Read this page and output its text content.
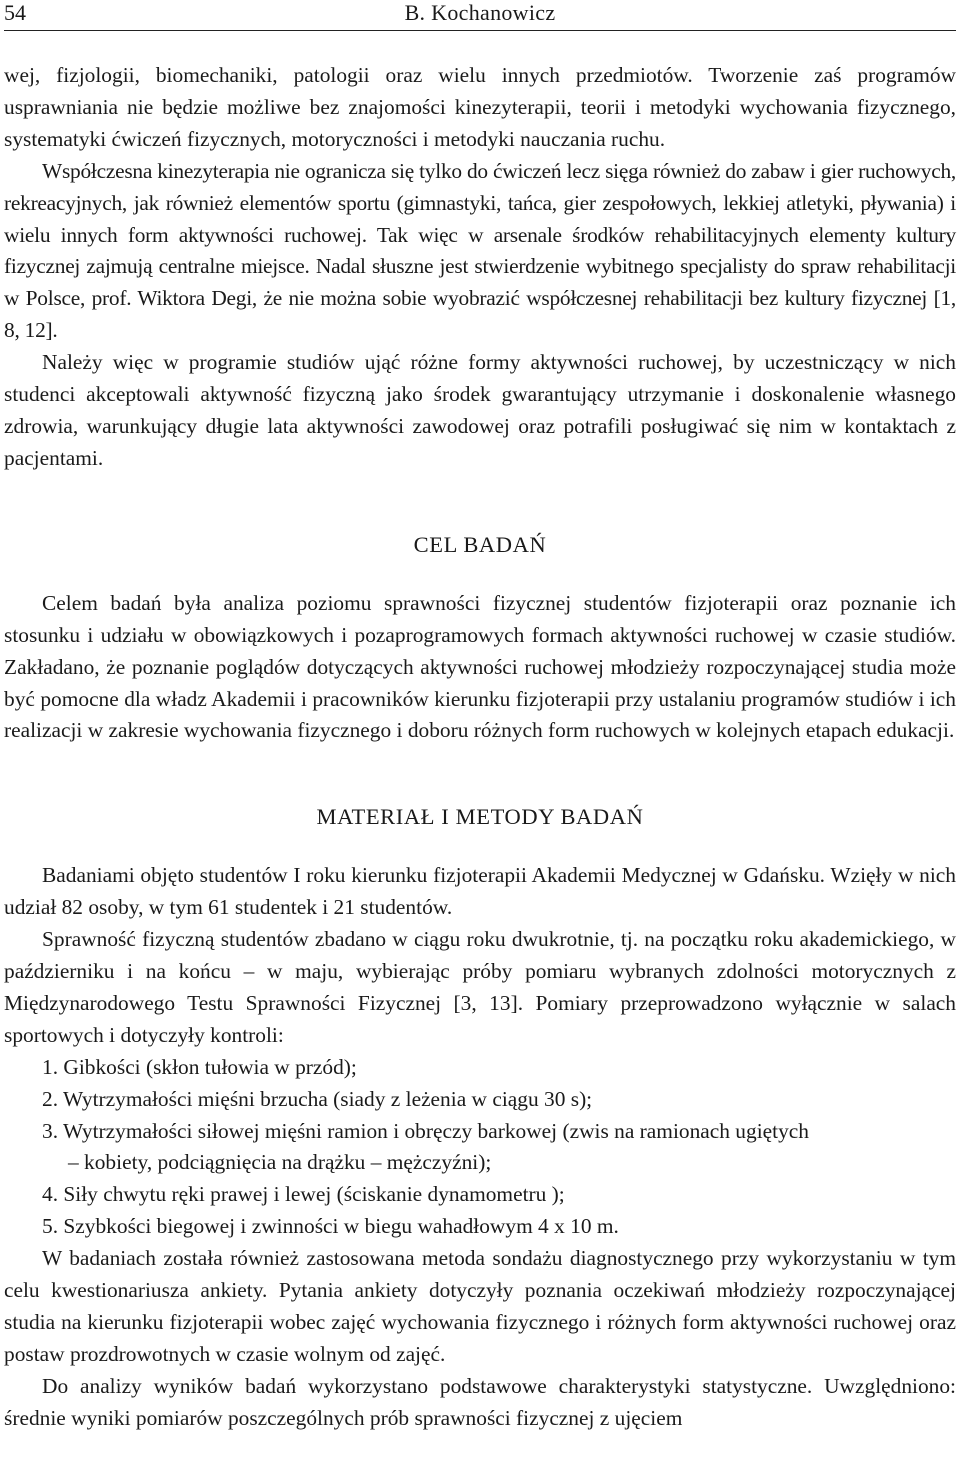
54	B. Kochanowicz

wej, fizjologii, biomechaniki, patologii oraz wielu innych przedmiotów. Tworzenie zaś programów usprawniania nie będzie możliwe bez znajomości kinezyterapii, teorii i metodyki wychowania fizycznego, systematyki ćwiczeń fizycznych, motoryczności i metodyki nauczania ruchu.

Współczesna kinezyterapia nie ogranicza się tylko do ćwiczeń lecz sięga również do zabaw i gier ruchowych, rekreacyjnych, jak również elementów sportu (gimnastyki, tańca, gier zespołowych, lekkiej atletyki, pływania) i wielu innych form aktywności ruchowej. Tak więc w arsenale środków rehabilitacyjnych elementy kultury fizycznej zajmują centralne miejsce. Nadal słuszne jest stwierdzenie wybitnego specjalisty do spraw rehabilitacji w Polsce, prof. Wiktora Degi, że nie można sobie wyobrazić współczesnej rehabilitacji bez kultury fizycznej [1, 8, 12].

Należy więc w programie studiów ująć różne formy aktywności ruchowej, by uczestniczący w nich studenci akceptowali aktywność fizyczną jako środek gwarantujący utrzymanie i doskonalenie własnego zdrowia, warunkujący długie lata aktywności zawodowej oraz potrafili posługiwać się nim w kontaktach z pacjentami.

CEL BADAŃ

Celem badań była analiza poziomu sprawności fizycznej studentów fizjoterapii oraz poznanie ich stosunku i udziału w obowiązkowych i pozaprogramowych formach aktywności ruchowej w czasie studiów. Zakładano, że poznanie poglądów dotyczących aktywności ruchowej młodzieży rozpoczynającej studia może być pomocne dla władz Akademii i pracowników kierunku fizjoterapii przy ustalaniu programów studiów i ich realizacji w zakresie wychowania fizycznego i doboru różnych form ruchowych w kolejnych etapach edukacji.

MATERIAŁ I METODY BADAŃ

Badaniami objęto studentów I roku kierunku fizjoterapii Akademii Medycznej w Gdańsku. Wzięły w nich udział 82 osoby, w tym 61 studentek i 21 studentów.

Sprawność fizyczną studentów zbadano w ciągu roku dwukrotnie, tj. na początku roku akademickiego, w październiku i na końcu – w maju, wybierając próby pomiaru wybranych zdolności motorycznych z Międzynarodowego Testu Sprawności Fizycznej [3, 13]. Pomiary przeprowadzono wyłącznie w salach sportowych i dotyczyły kontroli:

1. Gibkości (skłon tułowia w przód);
2. Wytrzymałości mięśni brzucha (siady z leżenia w ciągu 30 s);
3. Wytrzymałości siłowej mięśni ramion i obręczy barkowej (zwis na ramionach ugiętych
– kobiety, podciągnięcia na drążku – mężczyźni);
4. Siły chwytu ręki prawej i lewej (ściskanie dynamometru );
5. Szybkości biegowej i zwinności w biegu wahadłowym 4 x 10 m.

W badaniach została również zastosowana metoda sondażu diagnostycznego przy wykorzystaniu w tym celu kwestionariusza ankiety. Pytania ankiety dotyczyły poznania oczekiwań młodzieży rozpoczynającej studia na kierunku fizjoterapii wobec zajęć wychowania fizycznego i różnych form aktywności ruchowej oraz postaw prozdrowotnych w czasie wolnym od zajęć.

Do analizy wyników badań wykorzystano podstawowe charakterystyki statystyczne. Uwzględniono: średnie wyniki pomiarów poszczególnych prób sprawności fizycznej z ujęciem
